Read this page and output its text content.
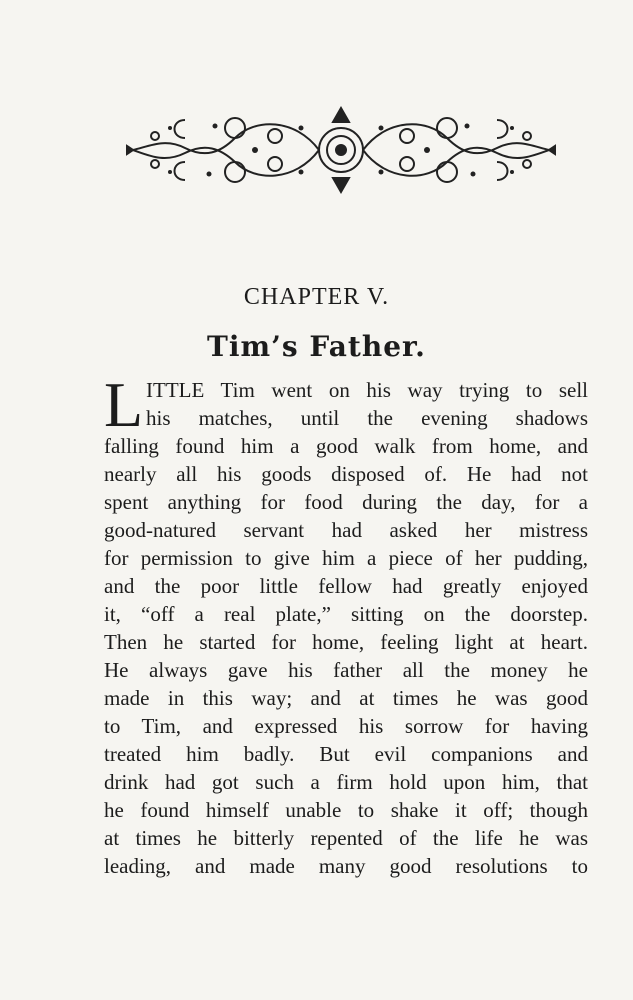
CHAPTER V.
Tim’s Father.
L ITTLE Tim went on his way trying to sell
his matches, until the evening shadows
falling found him a good walk from home, and
nearly all his goods disposed of. He had not
spent anything for food during the day, for a
good-natured servant had asked her mistress
for permission to give him a piece of her pudding,
and the poor little fellow had greatly enjoyed
it, “off a real plate,” sitting on the doorstep.
Then he started for home, feeling light at heart.
He always gave his father all the money he
made in this way; and at times he was good
to Tim, and expressed his sorrow for having
treated him badly. But evil companions and
drink had got such a firm hold upon him, that
he found himself unable to shake it off; though
at times he bitterly repented of the life he was
leading, and made many good resolutions to
